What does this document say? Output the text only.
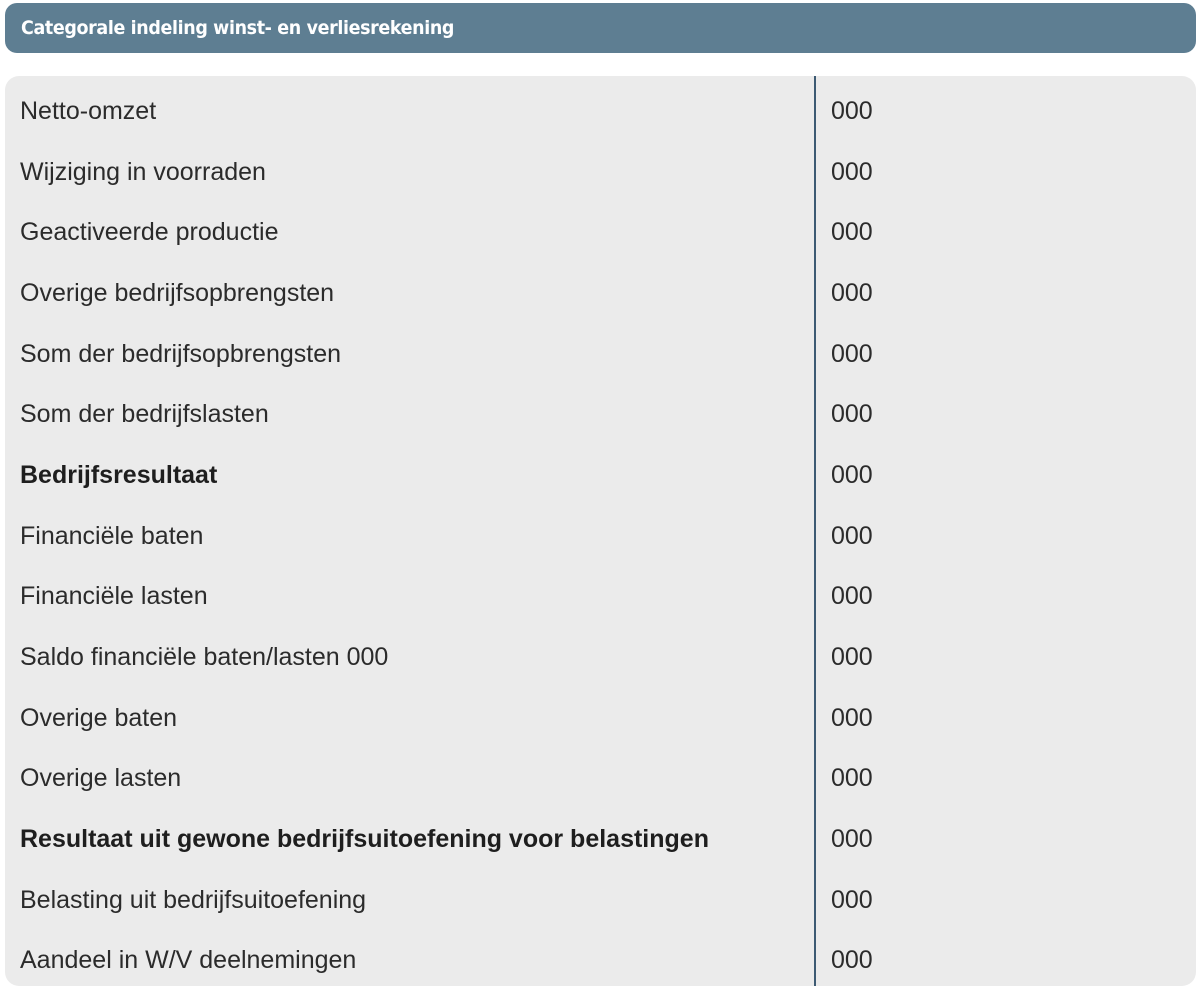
Categorale indeling winst- en verliesrekening
Netto-omzet	000
Wijziging in voorraden	000
Geactiveerde productie	000
Overige bedrijfsopbrengsten	000
Som der bedrijfsopbrengsten	000
Som der bedrijfslasten	000
Bedrijfsresultaat	000
Financiële baten	000
Financiële lasten	000
Saldo financiële baten/lasten 000	000
Overige baten	000
Overige lasten	000
Resultaat uit gewone bedrijfsuitoefening voor belastingen	000
Belasting uit bedrijfsuitoefening	000
Aandeel in W/V deelnemingen	000
